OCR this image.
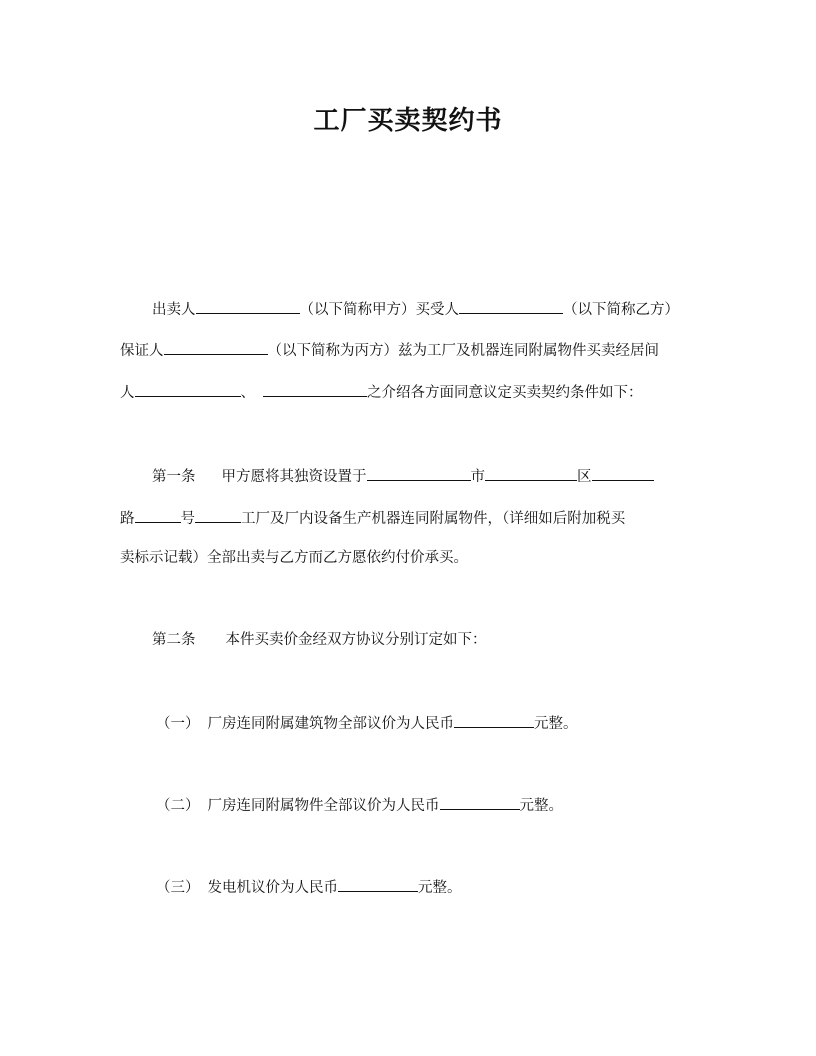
工厂买卖契约书
出卖人	（以下简称甲方）买受人	（以下简称乙方）
保证人	（以下简称为丙方）兹为工厂及机器连同附属物件买卖经居间
人	、	之介绍各方面同意议定买卖契约条件如下：
第一条 甲方愿将其独资设置于	市	区
路	号	工厂及厂内设备生产机器连同附属物件，（详细如后附加税买
卖标示记载）全部出卖与乙方而乙方愿依约付价承买。
第二条 本件买卖价金经双方协议分别订定如下：
（一） 厂房连同附属建筑物全部议价为人民币	元整。
（二） 厂房连同附属物件全部议价为人民币	元整。
（三） 发电机议价为人民币	元整。
